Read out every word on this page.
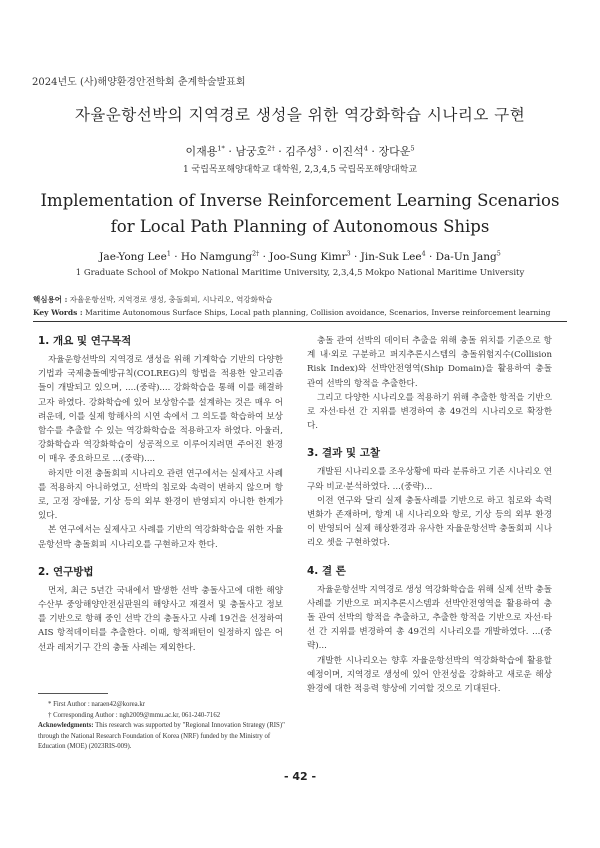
2024년도 (사)해양환경안전학회 춘계학술발표회
자율운항선박의 지역경로 생성을 위한 역강화학습 시나리오 구현
이재용$^{1*}$ · 남궁호$^{2\dagger}$ · 김주성$^3$ · 이진석$^4$ · 장다운$^5$
1 국립목포해양대학교 대학원, 2,3,4,5 국립목포해양대학교
Implementation of Inverse Reinforcement Learning Scenarios for Local Path Planning of Autonomous Ships
Jae-Yong Lee$^1$ · Ho Namgung$^{2\dagger}$ · Joo-Sung Kimr$^3$ · Jin-Suk Lee$^4$ · Da-Un Jang$^5$
1 Graduate School of Mokpo National Maritime University, 2,3,4,5 Mokpo National Maritime University
핵심용어 : 자율운항선박, 지역경로 생성, 충돌회피, 시나리오, 역강화학습
Key Words : Maritime Autonomous Surface Ships, Local path planning, Collision avoidance, Scenarios, Inverse reinforcement learning
1. 개요 및 연구목적

자율운항선박의 지역경로 생성을 위해 기계학습 기반의 다양한 기법과 국제충돌예방규칙(COLREG)의 항법을 적용한 알고리즘들이 개발되고 있으며, ....(중략).... 강화학습을 통해 이를 해결하고자 하였다. 강화학습에 있어 보상함수를 설계하는 것은 매우 어려운데, 이를 실제 항해사의 시연 속에서 그 의도를 학습하여 보상함수를 추출할 수 있는 역강화학습을 적용하고자 하였다. 아울러, 강화학습과 역강화학습이 성공적으로 이루어지려면 주어진 환경이 매우 중요하므로 ...(중략)....

하지만 이전 충돌회피 시나리오 관련 연구에서는 실제사고 사례를 적용하지 아니하였고, 선박의 침로와 속력이 변하지 않으며 항로, 고정 장애물, 기상 등의 외부 환경이 반영되지 아니한 한계가 있다.

본 연구에서는 실제사고 사례를 기반의 역강화학습을 위한 자율운항선박 충돌회피 시나리오를 구현하고자 한다.

2. 연구방법

먼저, 최근 5년간 국내에서 발생한 선박 충돌사고에 대한 해양수산부 중앙해양안전심판원의 해양사고 재결서 및 충돌사고 정보를 기반으로 항해 중인 선박 간의 충돌사고 사례 19건을 선정하여 AIS 항적데이터를 추출한다. 이때, 항적패턴이 일정하지 않은 어선과 레저기구 간의 충돌 사례는 제외한다.

충돌 관여 선박의 데이터 추출을 위해 충돌 위치를 기준으로 항계 내·외로 구분하고 퍼지추론시스템의 충돌위험지수(Collision Risk Index)와 선박안전영역(Ship Domain)을 활용하여 충돌 관여 선박의 항적을 추출한다.

그리고 다양한 시나리오를 적용하기 위해 추출한 항적을 기반으로 자선·타선 간 지위를 변경하여 총 49건의 시나리오로 확장한다.

3. 결과 및 고찰

개발된 시나리오를 조우상황에 따라 분류하고 기존 시나리오 연구와 비교·분석하였다. ...(중략)...

이전 연구와 달리 실제 충돌사례를 기반으로 하고 침로와 속력 변화가 존재하며, 항계 내 시나리오와 항로, 기상 등의 외부 환경이 반영되어 실제 해상환경과 유사한 자율운항선박 충돌회피 시나리오 셋을 구현하였다.

4. 결 론

자율운항선박 지역경로 생성 역강화학습을 위해 실제 선박 충돌사례를 기반으로 퍼지추론시스템과 선박안전영역을 활용하여 충돌 관여 선박의 항적을 추출하고, 추출한 항적을 기반으로 자선·타선 간 지위를 변경하여 총 49건의 시나리오를 개발하였다. ...(중략)...

개발한 시나리오는 향후 자율운항선박의 역강화학습에 활용할 예정이며, 지역경로 생성에 있어 안전성을 강화하고 새로운 해상환경에 대한 적응력 향상에 기여할 것으로 기대된다.

* First Author : naraen42@korea.kr
† Corresponding Author : ngh2009@mmu.ac.kr, 061-240-7162
Acknowledgments: This research was supported by "Regional Innovation Strategy (RIS)" through the National Research Foundation of Korea (NRF) funded by the Ministry of Education (MOE) (2023RIS-009).
- 42 -
